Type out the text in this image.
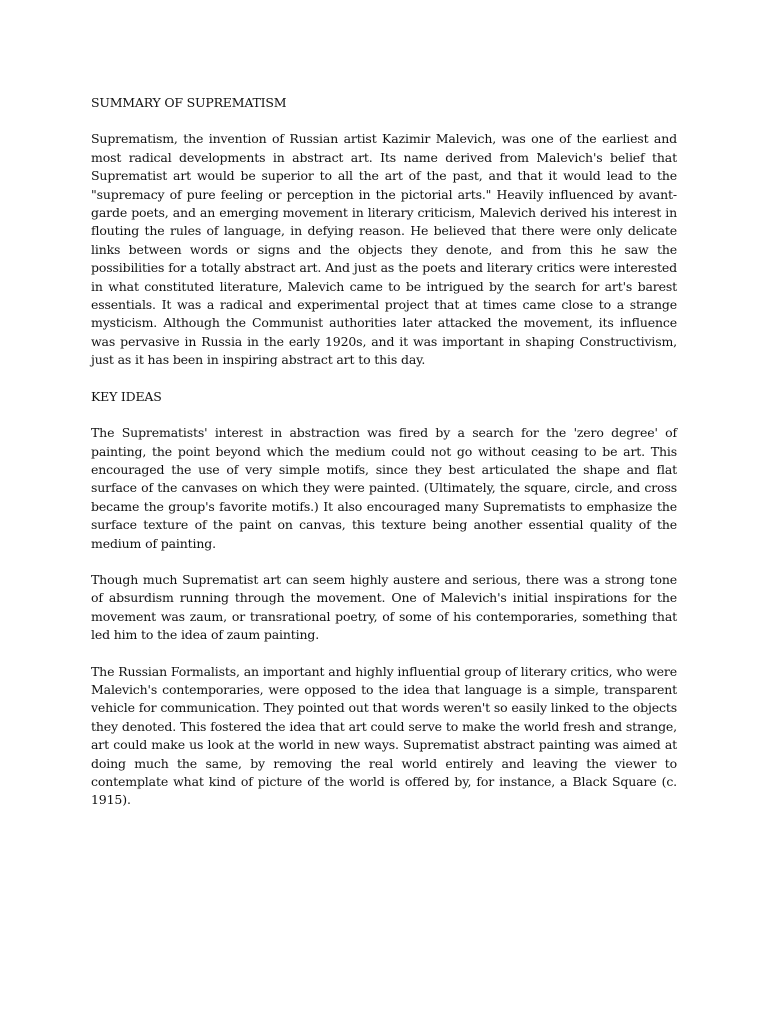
SUMMARY OF SUPREMATISM

Suprematism, the invention of Russian artist Kazimir Malevich, was one of the earliest and most radical developments in abstract art. Its name derived from Malevich's belief that Suprematist art would be superior to all the art of the past, and that it would lead to the "supremacy of pure feeling or perception in the pictorial arts." Heavily influenced by avant-garde poets, and an emerging movement in literary criticism, Malevich derived his interest in flouting the rules of language, in defying reason. He believed that there were only delicate links between words or signs and the objects they denote, and from this he saw the possibilities for a totally abstract art. And just as the poets and literary critics were interested in what constituted literature, Malevich came to be intrigued by the search for art's barest essentials. It was a radical and experimental project that at times came close to a strange mysticism. Although the Communist authorities later attacked the movement, its influence was pervasive in Russia in the early 1920s, and it was important in shaping Constructivism, just as it has been in inspiring abstract art to this day.

KEY IDEAS

The Suprematists' interest in abstraction was fired by a search for the 'zero degree' of painting, the point beyond which the medium could not go without ceasing to be art. This encouraged the use of very simple motifs, since they best articulated the shape and flat surface of the canvases on which they were painted. (Ultimately, the square, circle, and cross became the group's favorite motifs.) It also encouraged many Suprematists to emphasize the surface texture of the paint on canvas, this texture being another essential quality of the medium of painting.

Though much Suprematist art can seem highly austere and serious, there was a strong tone of absurdism running through the movement. One of Malevich's initial inspirations for the movement was zaum, or transrational poetry, of some of his contemporaries, something that led him to the idea of zaum painting.

The Russian Formalists, an important and highly influential group of literary critics, who were Malevich's contemporaries, were opposed to the idea that language is a simple, transparent vehicle for communication. They pointed out that words weren't so easily linked to the objects they denoted. This fostered the idea that art could serve to make the world fresh and strange, art could make us look at the world in new ways. Suprematist abstract painting was aimed at doing much the same, by removing the real world entirely and leaving the viewer to contemplate what kind of picture of the world is offered by, for instance, a Black Square (c. 1915).
